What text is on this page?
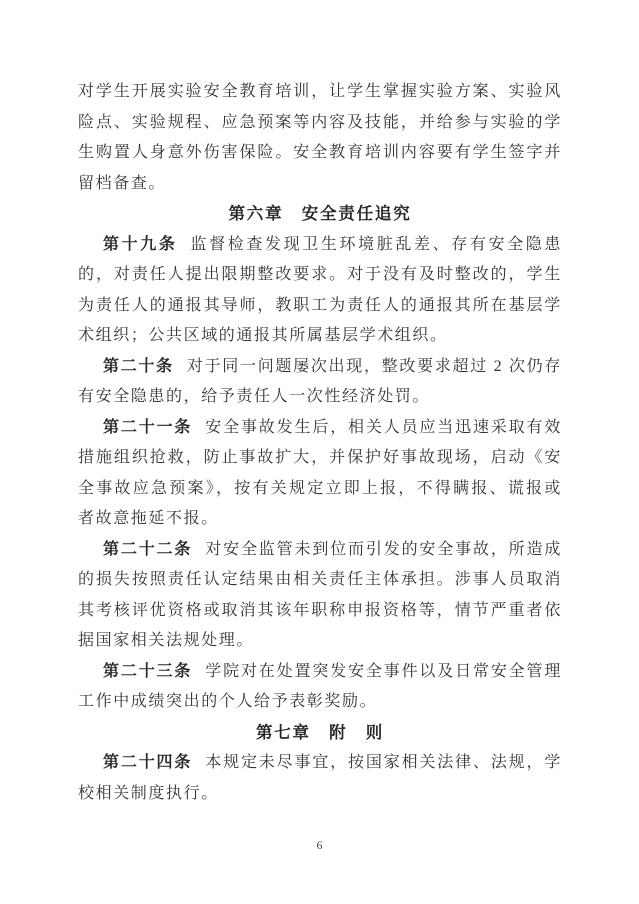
对学生开展实验安全教育培训，让学生掌握实验方案、实验风险点、实验规程、应急预案等内容及技能，并给参与实验的学生购置人身意外伤害保险。安全教育培训内容要有学生签字并留档备查。

第六章　安全责任追究

第十九条 监督检查发现卫生环境脏乱差、存有安全隐患的，对责任人提出限期整改要求。对于没有及时整改的，学生为责任人的通报其导师，教职工为责任人的通报其所在基层学术组织；公共区域的通报其所属基层学术组织。

第二十条 对于同一问题屡次出现，整改要求超过 2 次仍存有安全隐患的，给予责任人一次性经济处罚。

第二十一条 安全事故发生后，相关人员应当迅速采取有效措施组织抢救，防止事故扩大，并保护好事故现场，启动《安全事故应急预案》，按有关规定立即上报，不得瞒报、谎报或者故意拖延不报。

第二十二条 对安全监管未到位而引发的安全事故，所造成的损失按照责任认定结果由相关责任主体承担。涉事人员取消其考核评优资格或取消其该年职称申报资格等，情节严重者依据国家相关法规处理。

第二十三条 学院对在处置突发安全事件以及日常安全管理工作中成绩突出的个人给予表彰奖励。

第七章　附　则

第二十四条 本规定未尽事宜，按国家相关法律、法规，学校相关制度执行。

6
